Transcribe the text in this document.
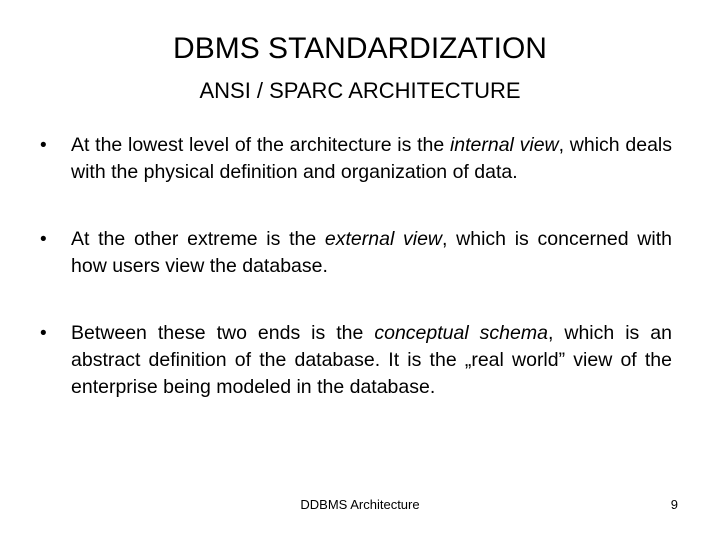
DBMS STANDARDIZATION
ANSI / SPARC ARCHITECTURE
•	At the lowest level of the architecture is the internal view, which deals with the physical definition and organization of data.
•	At the other extreme is the external view, which is concerned with how users view the database.
•	Between these two ends is the conceptual schema, which is an abstract definition of the database. It is the „real world” view of the enterprise being modeled in the database.
DDBMS Architecture	9
